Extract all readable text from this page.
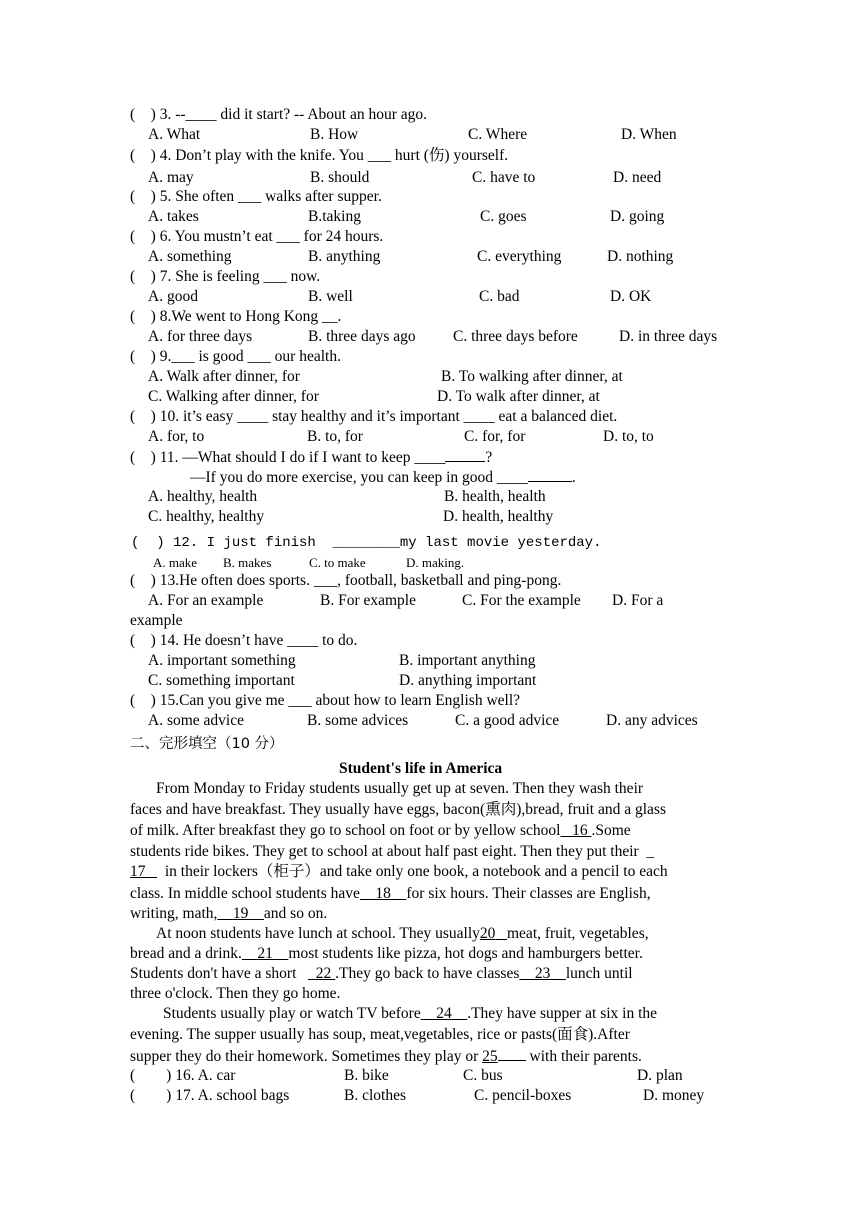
(    ) 3. --____ did it start? -- About an hour ago.
A. What	B. How	C. Where	D. When
(    ) 4. Don’t play with the knife. You ___ hurt (伤) yourself.
A. may	B. should	C. have to	D. need
(    ) 5. She often ___ walks after supper.
A. takes	B.taking	C. goes	D. going
(    ) 6. You mustn’t eat ___ for 24 hours.
A. something	B. anything	C. everything	D. nothing
(    ) 7. She is feeling ___ now.
A. good	B. well	C. bad	D. OK
(    ) 8.We went to Hong Kong __.
A. for three days	B. three days ago C. three days before	D. in three days
(    ) 9.___ is good ___ our health.
A. Walk after dinner, for	B. To walking after dinner, at
C. Walking after dinner, for	D. To walk after dinner, at
(    ) 10. it’s easy ____ stay healthy and it’s important ____ eat a balanced diet.
A. for, to	B. to, for	C. for, for	D. to, to
(    ) 11. —What should I do if I want to keep ____	?
—If you do more exercise, you can keep in good ____	.
A. healthy, health	B. health, health
C. healthy, healthy	D. health, healthy
(  ) 12. I just finish  ________my last movie yesterday.
A. make B. makes	C. to make	D. making.
(    ) 13.He often does sports. ___, football, basketball and ping-pong.
A. For an example	B. For example	C. For the example D. For a
example
(    ) 14. He doesn’t have ____ to do.
A. important something	B. important anything
C. something important	D. anything important
(    ) 15.Can you give me ___ about how to learn English well?
A. some advice	B. some advices	C. a good advice	D. any advices
二、完形填空（10 分）
Student's life in America
From Monday to Friday students usually get up at seven. Then they wash their
faces and have breakfast. They usually have eggs, bacon(熏肉),bread, fruit and a glass
of milk. After breakfast they go to school on foot or by yellow school 16 .Some
students ride bikes. They get to school at about half past eight. Then they put their  _
17 in their lockers（柜子）and take only one book, a notebook and a pencil to each
class. In middle school students have 18 for six hours. Their classes are English,
writing, math, 19 and so on.
At noon students have lunch at school. They usually20 meat, fruit, vegetables,
bread and a drink. 21 most students like pizza, hot dogs and hamburgers better.
Students don't have a short 22 .They go back to have classes 23 lunch until
three o'clock. Then they go home.
Students usually play or watch TV before 24 .They have supper at six in the
evening. The supper usually has soup, meat,vegetables, rice or pasts(面食).After
supper they do their homework. Sometimes they play or 25 with their parents.
(        ) 16. A. car	B. bike	C. bus	D. plan
(        ) 17. A. school bags	B. clothes	C. pencil-boxes	D. money
